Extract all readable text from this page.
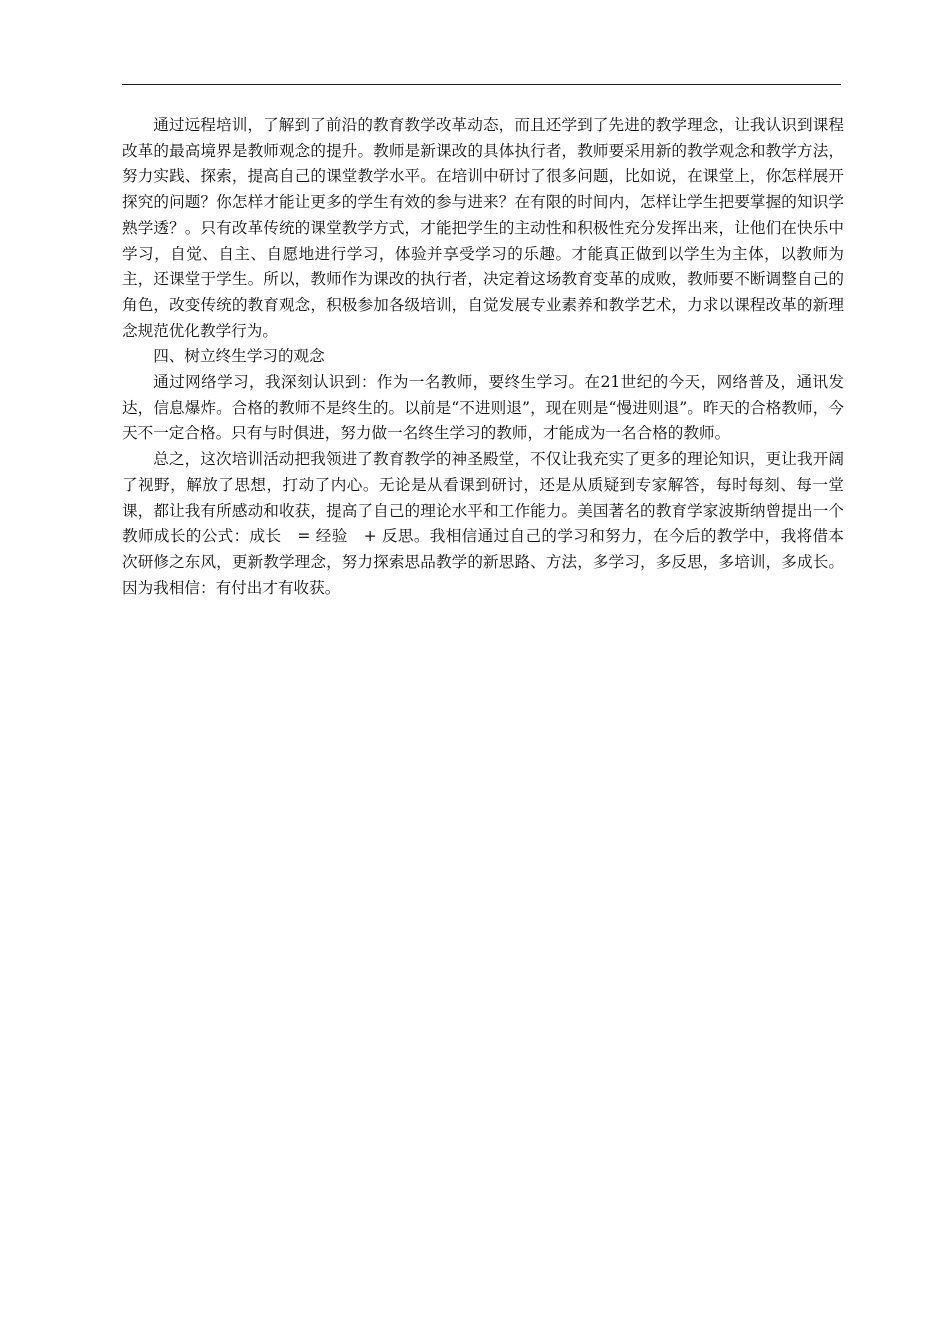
通过远程培训，了解到了前沿的教育教学改革动态，而且还学到了先进的教学理念，让我认识到课程改革的最高境界是教师观念的提升。教师是新课改的具体执行者，教师要采用新的教学观念和教学方法，努力实践、探索，提高自己的课堂教学水平。在培训中研讨了很多问题，比如说，在课堂上，你怎样展开探究的问题？你怎样才能让更多的学生有效的参与进来？在有限的时间内，怎样让学生把要掌握的知识学熟学透？。只有改革传统的课堂教学方式，才能把学生的主动性和积极性充分发挥出来，让他们在快乐中学习，自觉、自主、自愿地进行学习，体验并享受学习的乐趣。才能真正做到以学生为主体，以教师为主，还课堂于学生。所以，教师作为课改的执行者，决定着这场教育变革的成败，教师要不断调整自己的角色，改变传统的教育观念，积极参加各级培训，自觉发展专业素养和教学艺术，力求以课程改革的新理念规范优化教学行为。

四、树立终生学习的观念

通过网络学习，我深刻认识到：作为一名教师，要终生学习。在21世纪的今天，网络普及，通讯发达，信息爆炸。合格的教师不是终生的。以前是“不进则退”，现在则是“慢进则退”。昨天的合格教师，今天不一定合格。只有与时俱进，努力做一名终生学习的教师，才能成为一名合格的教师。

总之，这次培训活动把我领进了教育教学的神圣殿堂，不仅让我充实了更多的理论知识，更让我开阔了视野，解放了思想，打动了内心。无论是从看课到研讨，还是从质疑到专家解答，每时每刻、每一堂课，都让我有所感动和收获，提高了自己的理论水平和工作能力。美国著名的教育学家波斯纳曾提出一个教师成长的公式：成长　= 经验　+ 反思。我相信通过自己的学习和努力，在今后的教学中，我将借本次研修之东风，更新教学理念，努力探索思品教学的新思路、方法，多学习，多反思，多培训，多成长。因为我相信：有付出才有收获。
